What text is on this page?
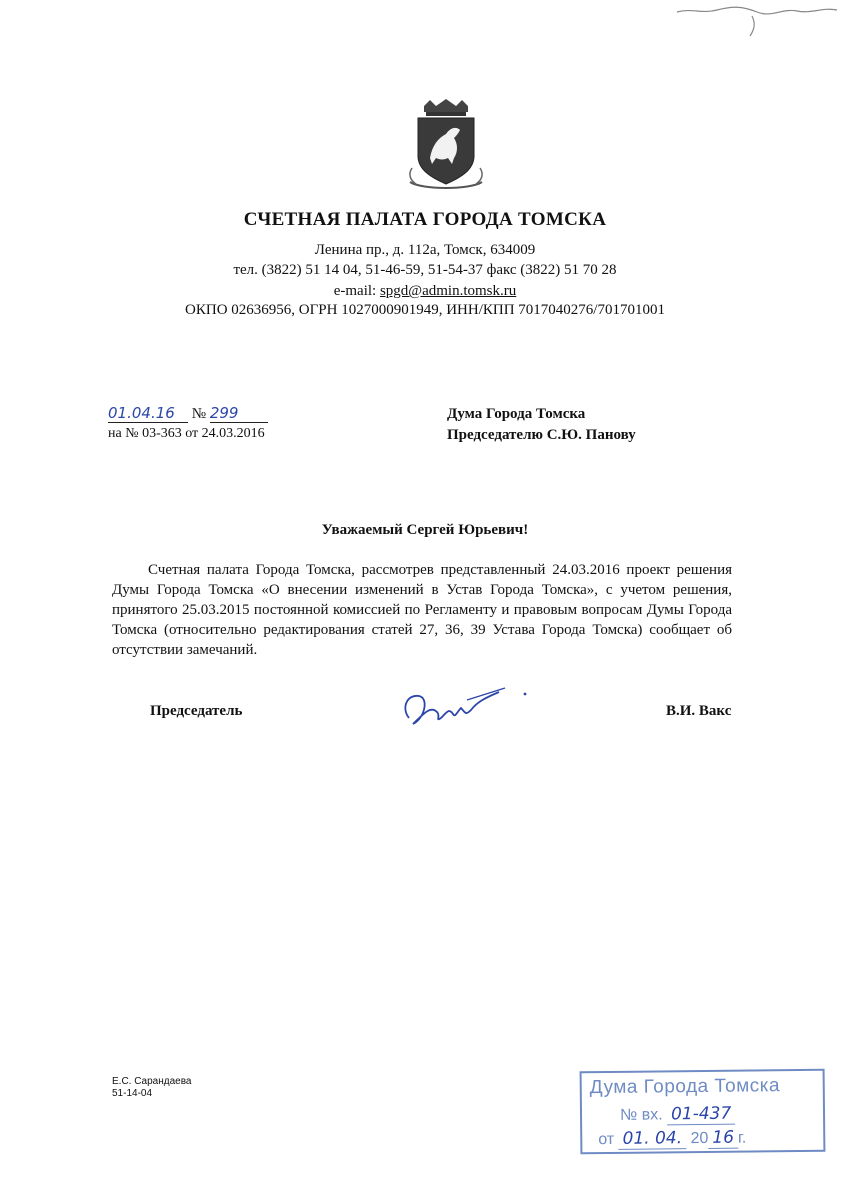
СЧЕТНАЯ ПАЛАТА ГОРОДА ТОМСКА
Ленина пр., д. 112а, Томск, 634009
тел. (3822) 51 14 04, 51-46-59, 51-54-37 факс (3822) 51 70 28
e-mail: spgd@admin.tomsk.ru
ОКПО 02636956, ОГРН 1027000901949, ИНН/КПП 7017040276/701701001
01.04.16 № 299
на № 03-363 от 24.03.2016
Дума Города Томска
Председателю С.Ю. Панову
Уважаемый Сергей Юрьевич!
Счетная палата Города Томска, рассмотрев представленный 24.03.2016 проект решения Думы Города Томска «О внесении изменений в Устав Города Томска», с учетом решения, принятого 25.03.2015 постоянной комиссией по Регламенту и правовым вопросам Думы Города Томска (относительно редактирования статей 27, 36, 39 Устава Города Томска) сообщает об отсутствии замечаний.
Председатель	В.И. Вакс
Е.С. Сарандаева
51-14-04	Дума Города Томска
№ вх. 01-437
от 01. 04. 20 16 г.
